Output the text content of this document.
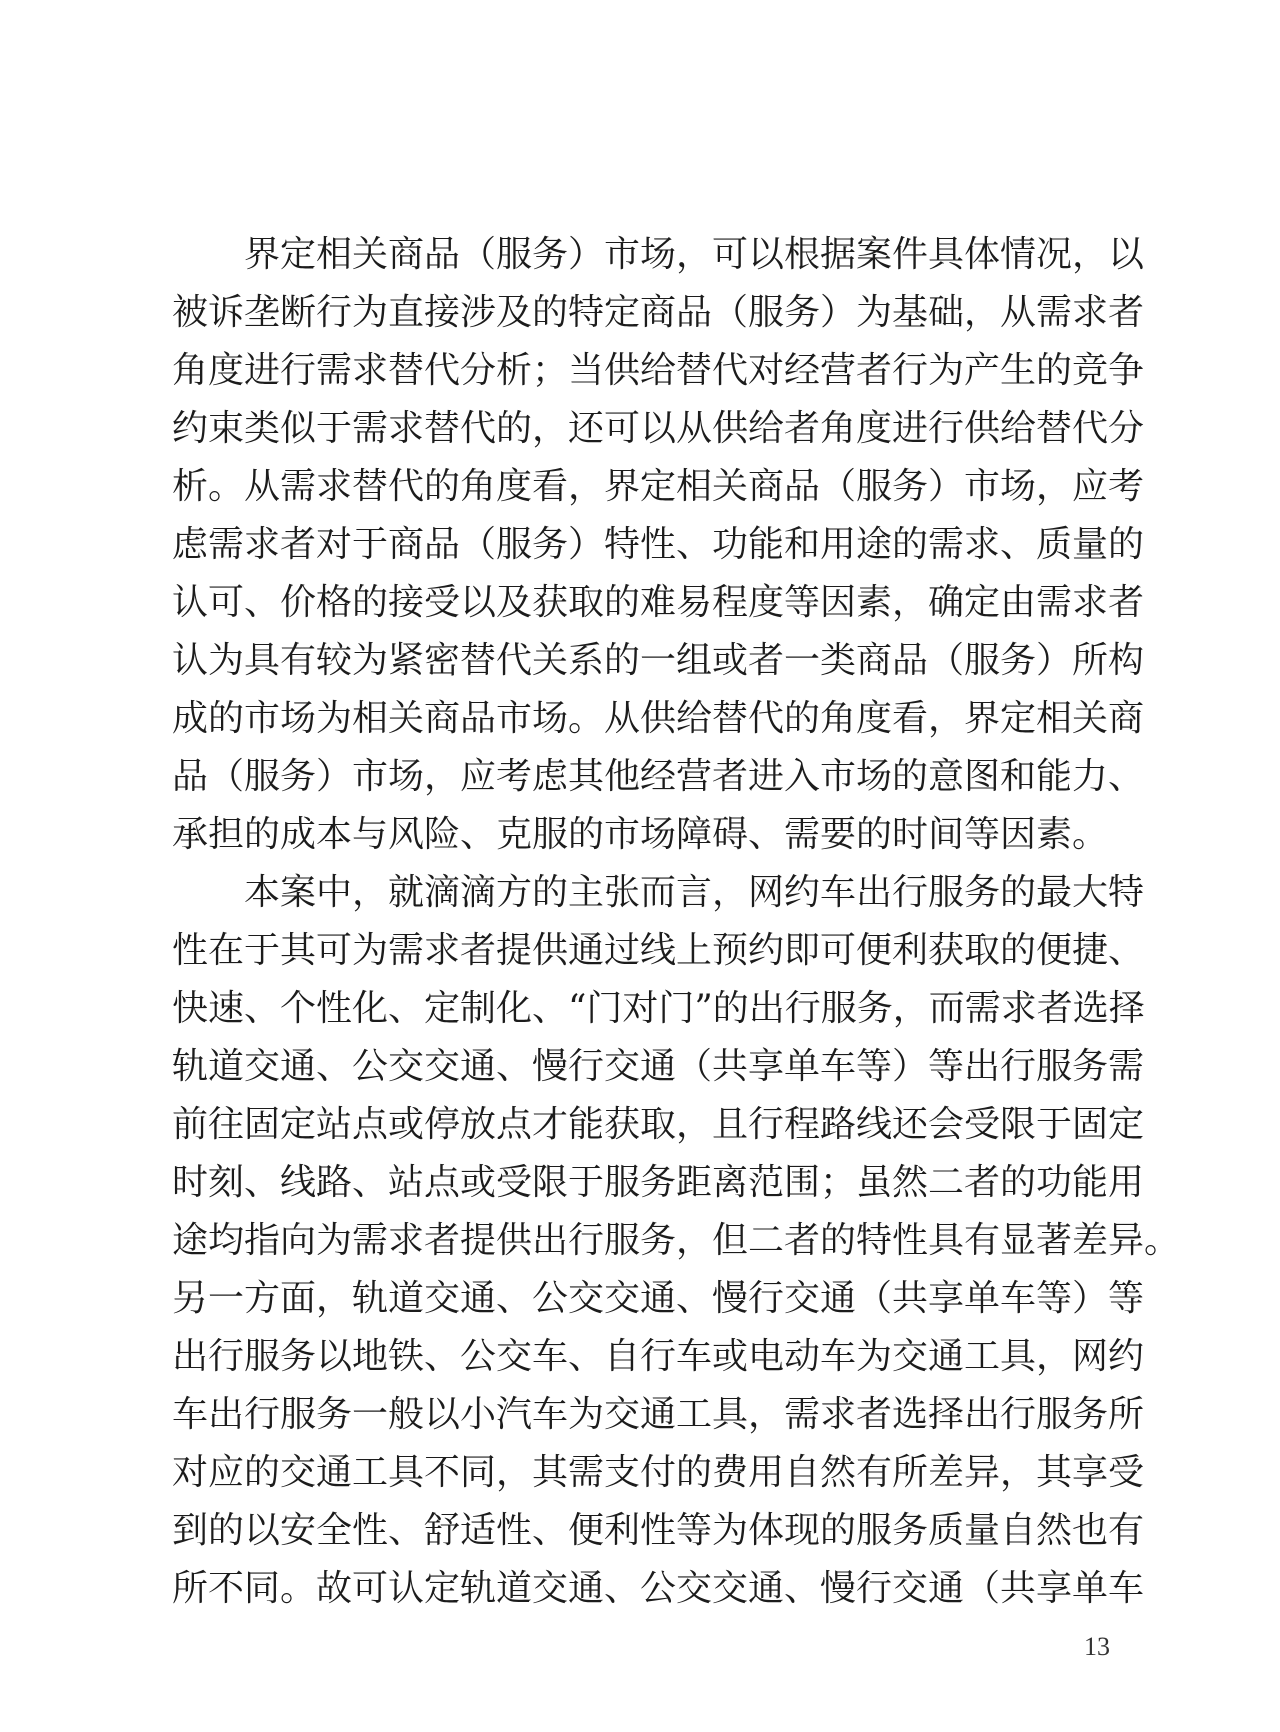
界定相关商品（服务）市场，可以根据案件具体情况，以
被诉垄断行为直接涉及的特定商品（服务）为基础，从需求者
角度进行需求替代分析；当供给替代对经营者行为产生的竞争
约束类似于需求替代的，还可以从供给者角度进行供给替代分
析。从需求替代的角度看，界定相关商品（服务）市场，应考
虑需求者对于商品（服务）特性、功能和用途的需求、质量的
认可、价格的接受以及获取的难易程度等因素，确定由需求者
认为具有较为紧密替代关系的一组或者一类商品（服务）所构
成的市场为相关商品市场。从供给替代的角度看，界定相关商
品（服务）市场，应考虑其他经营者进入市场的意图和能力、
承担的成本与风险、克服的市场障碍、需要的时间等因素。
本案中，就滴滴方的主张而言，网约车出行服务的最大特
性在于其可为需求者提供通过线上预约即可便利获取的便捷、
快速、个性化、定制化、“门对门”的出行服务，而需求者选择
轨道交通、公交交通、慢行交通（共享单车等）等出行服务需
前往固定站点或停放点才能获取，且行程路线还会受限于固定
时刻、线路、站点或受限于服务距离范围；虽然二者的功能用
途均指向为需求者提供出行服务，但二者的特性具有显著差异。
另一方面，轨道交通、公交交通、慢行交通（共享单车等）等
出行服务以地铁、公交车、自行车或电动车为交通工具，网约
车出行服务一般以小汽车为交通工具，需求者选择出行服务所
对应的交通工具不同，其需支付的费用自然有所差异，其享受
到的以安全性、舒适性、便利性等为体现的服务质量自然也有
所不同。故可认定轨道交通、公交交通、慢行交通（共享单车
13
